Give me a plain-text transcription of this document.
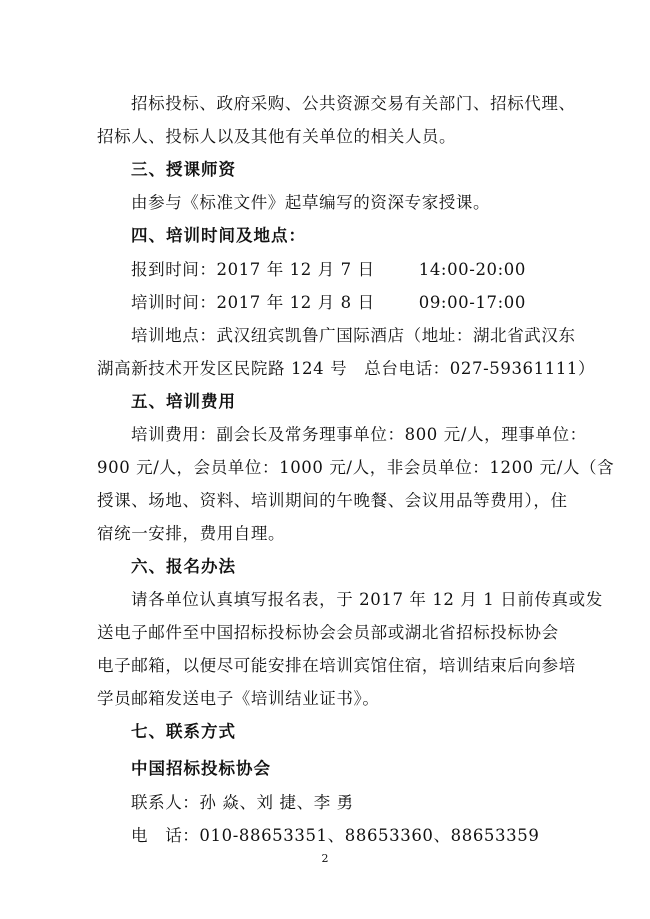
招标投标、政府采购、公共资源交易有关部门、招标代理、
招标人、投标人以及其他有关单位的相关人员。
三、授课师资
由参与《标准文件》起草编写的资深专家授课。
四、培训时间及地点：
报到时间：2017 年 12 月 7 日	14:00-20:00
培训时间：2017 年 12 月 8 日	09:00-17:00
培训地点：武汉纽宾凯鲁广国际酒店（地址：湖北省武汉东
湖高新技术开发区民院路 124 号　总台电话：027-59361111）
五、培训费用
培训费用：副会长及常务理事单位：800 元/人，理事单位：
900 元/人，会员单位：1000 元/人，非会员单位：1200 元/人（含
授课、场地、资料、培训期间的午晚餐、会议用品等费用），住
宿统一安排，费用自理。
六、报名办法
请各单位认真填写报名表，于 2017 年 12 月 1 日前传真或发
送电子邮件至中国招标投标协会会员部或湖北省招标投标协会
电子邮箱，以便尽可能安排在培训宾馆住宿，培训结束后向参培
学员邮箱发送电子《培训结业证书》。
七、联系方式
中国招标投标协会
联系人：孙 焱、刘 捷、李 勇
电　话：010-88653351、88653360、88653359
2
